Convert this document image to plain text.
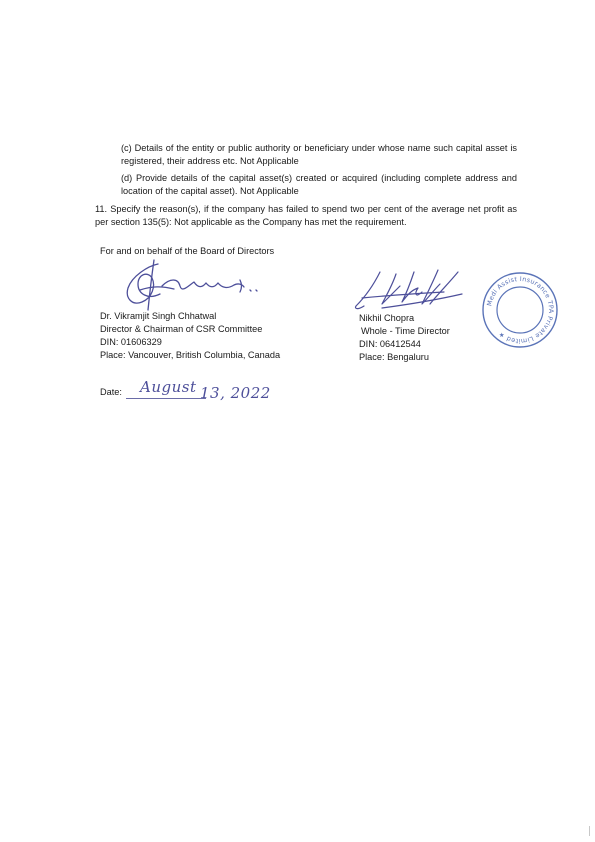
(c) Details of the entity or public authority or beneficiary under whose name such capital asset is registered, their address etc. Not Applicable

(d) Provide details of the capital asset(s) created or acquired (including complete address and location of the capital asset). Not Applicable

11. Specify the reason(s), if the company has failed to spend two per cent of the average net profit as per section 135(5): Not applicable as the Company has met the requirement.

For and on behalf of the Board of Directors

Dr. Vikramjit Singh Chhatwal

Director & Chairman of CSR Committee

DIN: 01606329

Place: Vancouver, British Columbia, Canada

Nikhil Chopra

Whole - Time Director

DIN: 06412544

Place: Bengaluru

Medi Assist Insurance TPA Private Limited ★

Date: August 13, 2022
